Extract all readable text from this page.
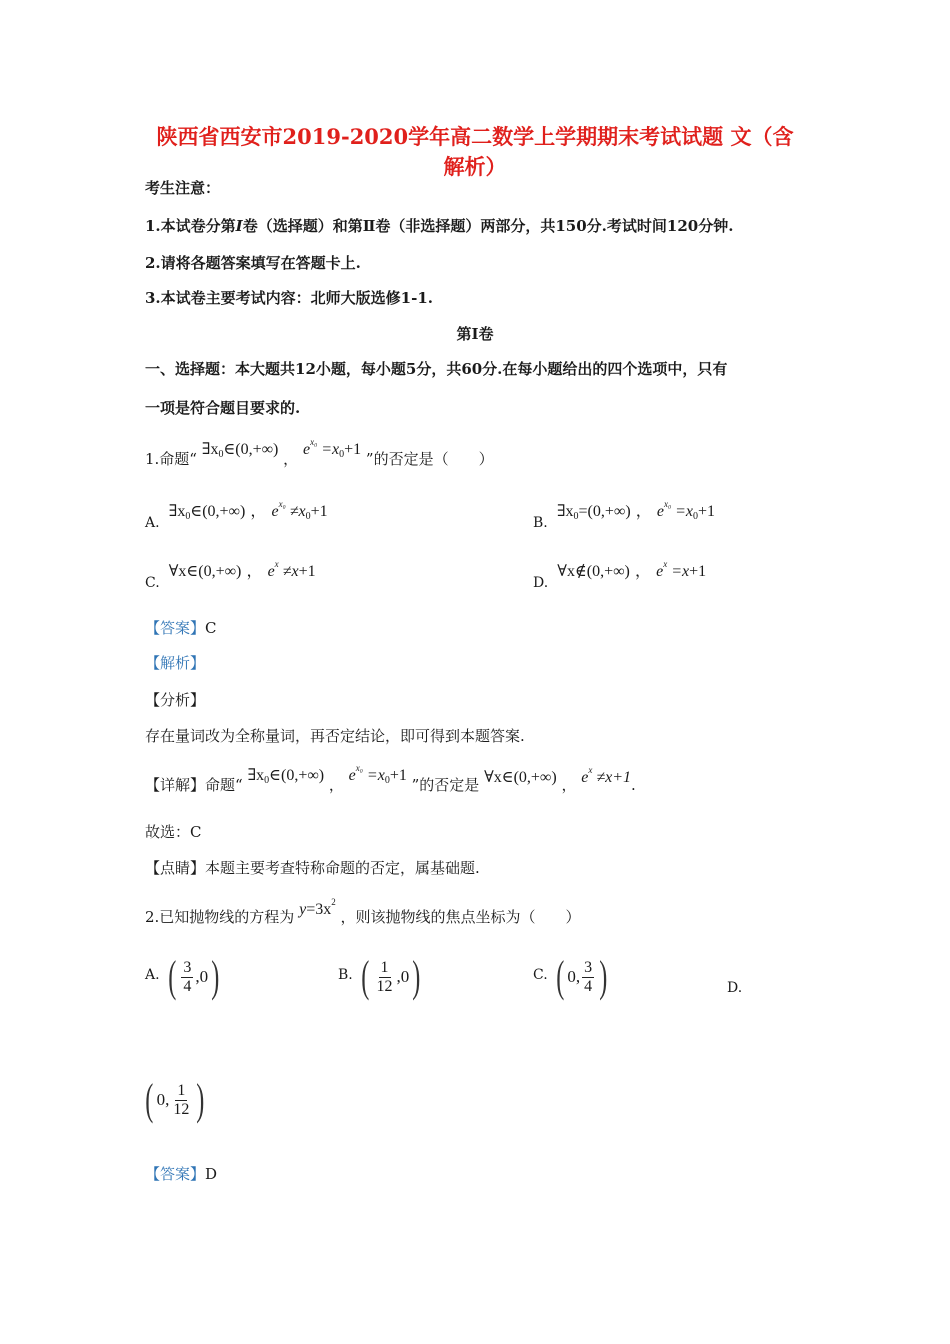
陕西省西安市2019-2020学年高二数学上学期期末考试试题 文（含
解析）
考生注意：
1.本试卷分第I卷（选择题）和第Ⅱ卷（非选择题）两部分，共150分.考试时间120分钟.
2.请将各题答案填写在答题卡上.
3.本试卷主要考试内容：北师大版选修1-1.
第Ⅰ卷
一、选择题：本大题共12小题，每小题5分，共60分.在每小题给出的四个选项中，只有
一项是符合题目要求的.
1.命题“ $\exists x_0\in(0,+\infty)$ ， $e^{x_0} =x_0+1$ ”的否定是（　　）
A.  $\exists x_0\in(0,+\infty)$ ， $e^{x_0} \ne x_0+1$
B.  $\exists x_0=(0,+\infty)$ ， $e^{x_0} =x_0+1$
C.  ∀x∈(0,+∞) ， $e^x \ne x+1$
D.  ∀x∉(0,+∞) ， $e^x =x+1$
【答案】C
【解析】
【分析】
存在量词改为全称量词，再否定结论，即可得到本题答案.
【详解】命题“ $\exists x_0\in(0,+\infty)$ ， $e^{x_0} =x_0+1$ ”的否定是 ∀x∈(0,+∞) ， $e^x \ne x+1$.
故选：C
【点睛】本题主要考查特称命题的否定，属基础题.
2.已知抛物线的方程为 $y=3x^2$ ，则该抛物线的焦点坐标为（　　）
A. ( $\frac{3}{4}$ , 0 )	B. ( $\frac{1}{12}$ , 0 )	C. ( 0 , $\frac{3}{4}$ )	D.
( 0 , $\frac{1}{12}$ )
【答案】D
